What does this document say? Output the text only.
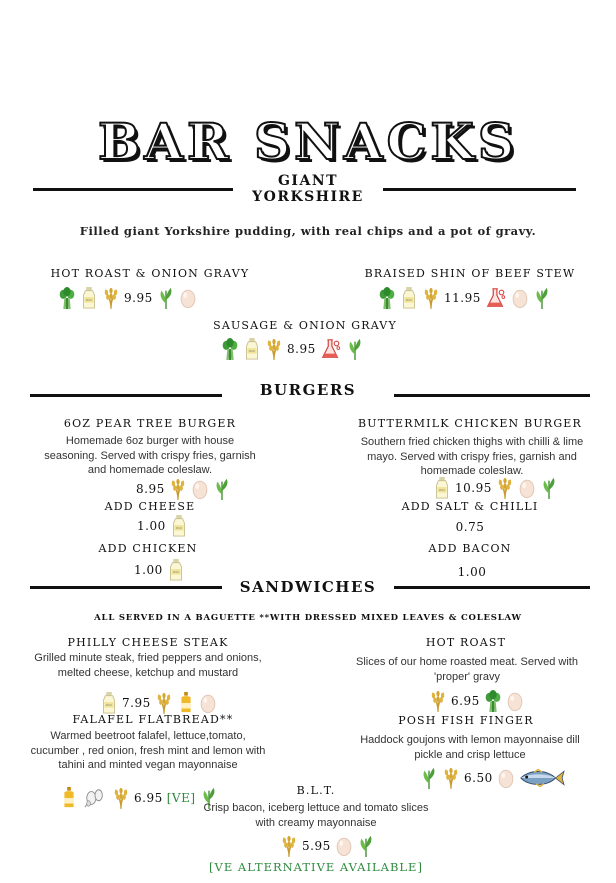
BAR SNACKS
GIANT
YORKSHIRE
Filled giant Yorkshire pudding, with real chips and a pot of gravy.
HOT ROAST & ONION GRAVY
9.95
BRAISED SHIN OF BEEF STEW
11.95
SAUSAGE & ONION GRAVY
8.95
BURGERS
6OZ PEAR TREE BURGER
Homemade 6oz burger with house seasoning. Served with crispy fries, garnish and homemade coleslaw.
8.95
ADD CHEESE
1.00
ADD CHICKEN
1.00
BUTTERMILK CHICKEN BURGER
Southern fried chicken thighs with chilli & lime mayo. Served with crispy fries, garnish and homemade coleslaw.
10.95
ADD SALT & CHILLI
0.75
ADD BACON
1.00
SANDWICHES
ALL SERVED IN A BAGUETTE **WITH DRESSED MIXED LEAVES & COLESLAW
PHILLY CHEESE STEAK
Grilled minute steak, fried peppers and onions, melted cheese, ketchup and mustard
7.95
HOT ROAST
Slices of our home roasted meat. Served with 'proper' gravy
6.95
FALAFEL FLATBREAD**
Warmed beetroot falafel, lettuce,tomato, cucumber , red onion, fresh mint and lemon with tahini and minted vegan mayonnaise
6.95 [VE]
POSH FISH FINGER
Haddock goujons with lemon mayonnaise dill pickle and crisp lettuce
6.50
B.L.T.
Crisp bacon, iceberg lettuce and tomato slices with creamy mayonnaise
5.95
[VE ALTERNATIVE AVAILABLE]
